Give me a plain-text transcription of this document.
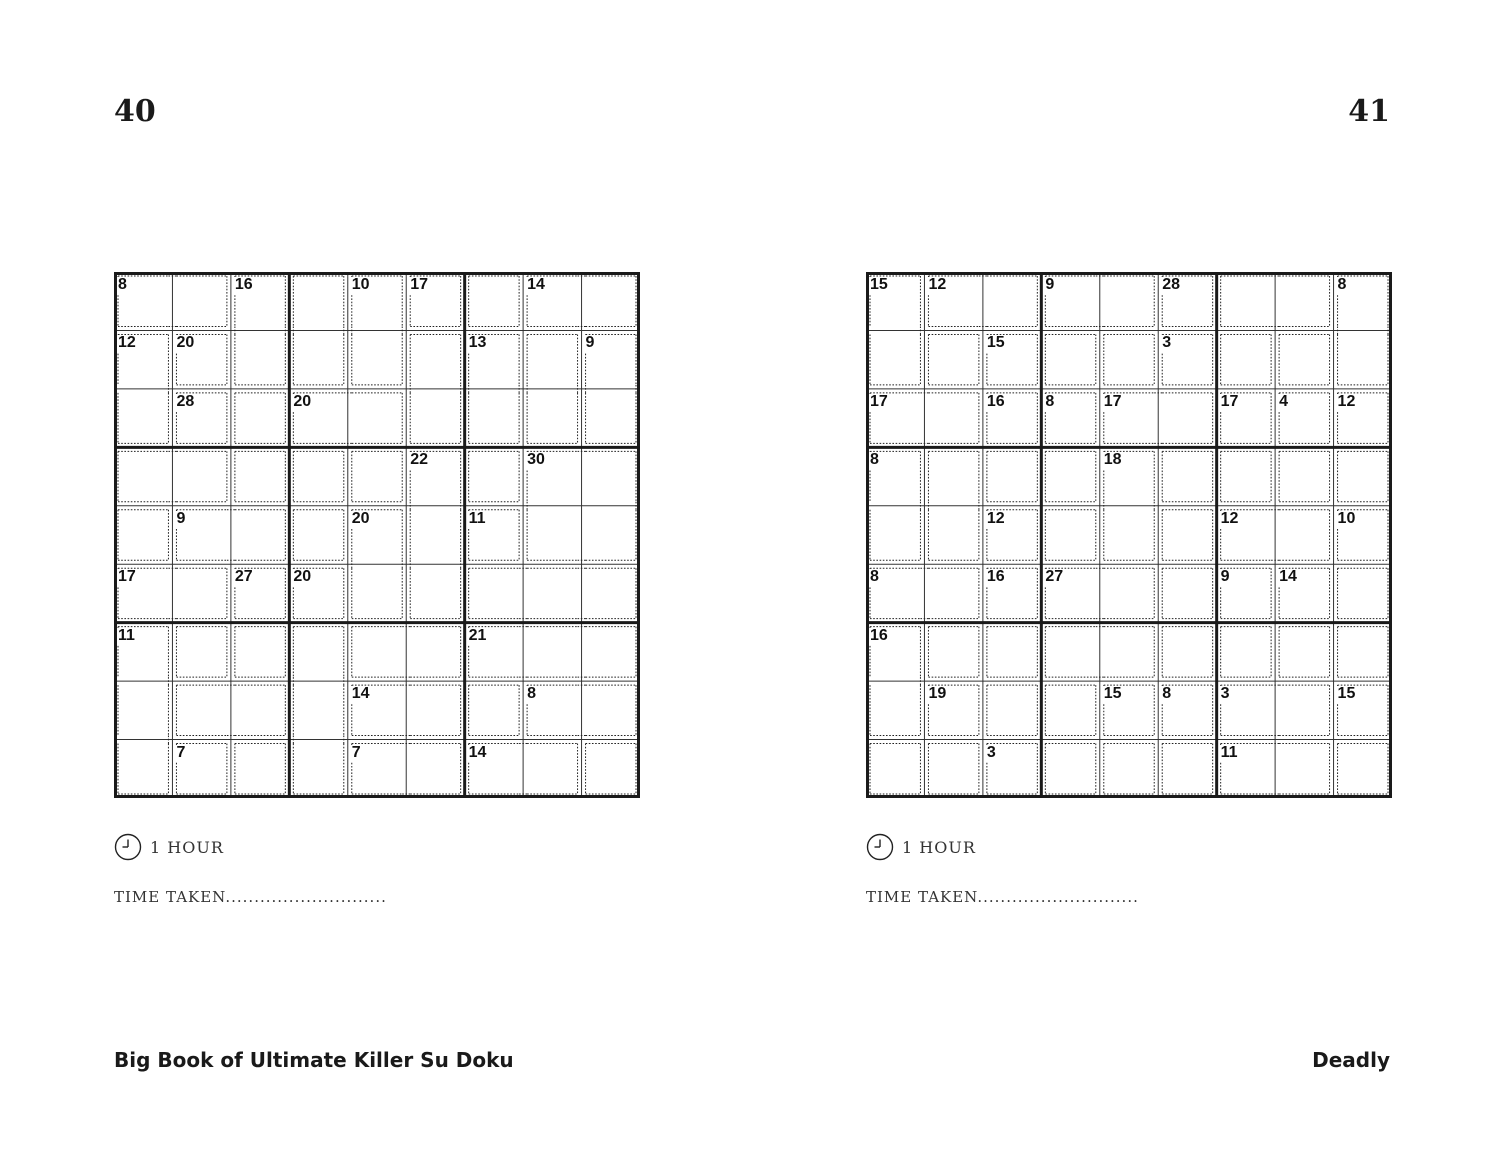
40	41
8	16	10	17	14
12	20	13	9
28	20
22	30
9	20	11
17	27	20
11	21
14	8
7	7	14
15	12	9	28	8
15	3
17	16	8	17	17	4	12
8	18
12	12	10
8	16	27	9	14
16
19	15	8	3	15
3	11
1 HOUR	1 HOUR
TIME TAKEN............................	TIME TAKEN............................
Big Book of Ultimate Killer Su Doku	Deadly
